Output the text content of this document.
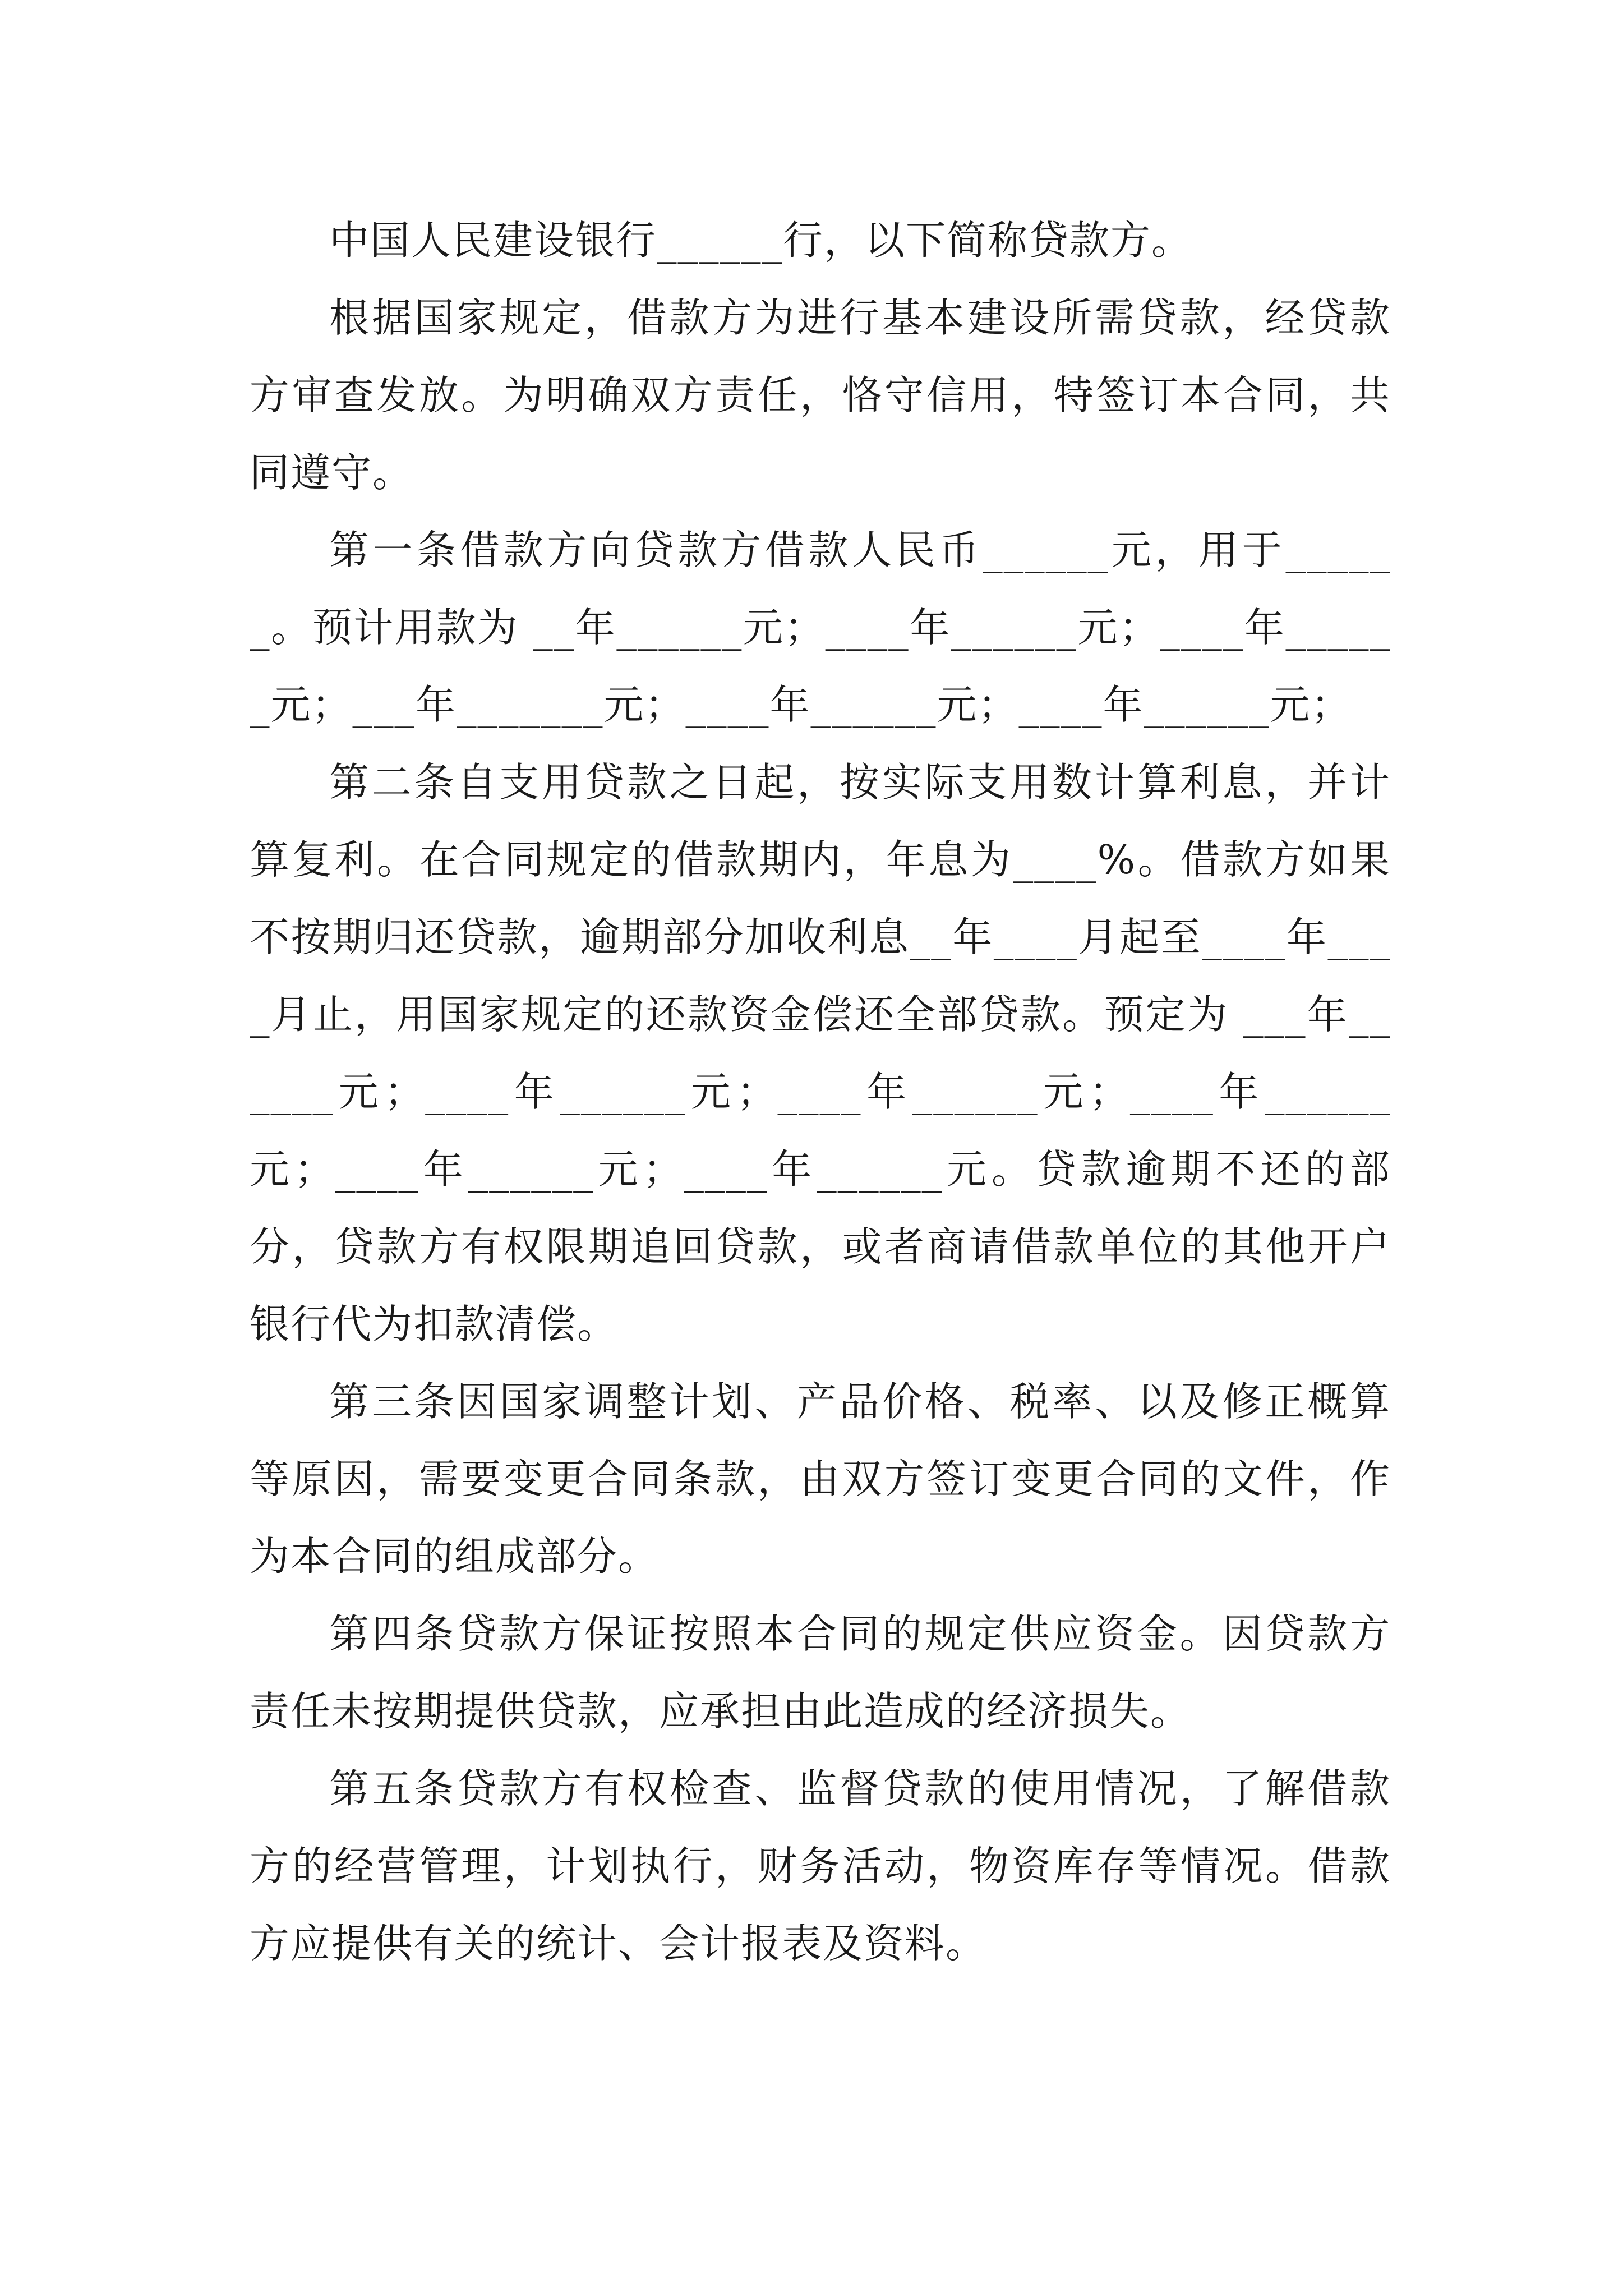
中国人民建设银行______行，以下简称贷款方。

根据国家规定，借款方为进行基本建设所需贷款，经贷款方审查发放。为明确双方责任，恪守信用，特签订本合同，共同遵守。

第一条借款方向贷款方借款人民币______元，用于______。预计用款为 __年______元；____年______元；____年______元；___年_______元；____年______元；____年______元；

第二条自支用贷款之日起，按实际支用数计算利息，并计算复利。在合同规定的借款期内，年息为____%。借款方如果不按期归还贷款，逾期部分加收利息__年____月起至____年____月止，用国家规定的还款资金偿还全部贷款。预定为 ___年______元；____年______元；____年______元；____年______元；____年______元；____年______元。贷款逾期不还的部分，贷款方有权限期追回贷款，或者商请借款单位的其他开户银行代为扣款清偿。

第三条因国家调整计划、产品价格、税率、以及修正概算等原因，需要变更合同条款，由双方签订变更合同的文件，作为本合同的组成部分。

第四条贷款方保证按照本合同的规定供应资金。因贷款方责任未按期提供贷款，应承担由此造成的经济损失。

第五条贷款方有权检查、监督贷款的使用情况，了解借款方的经营管理，计划执行，财务活动，物资库存等情况。借款方应提供有关的统计、会计报表及资料。
